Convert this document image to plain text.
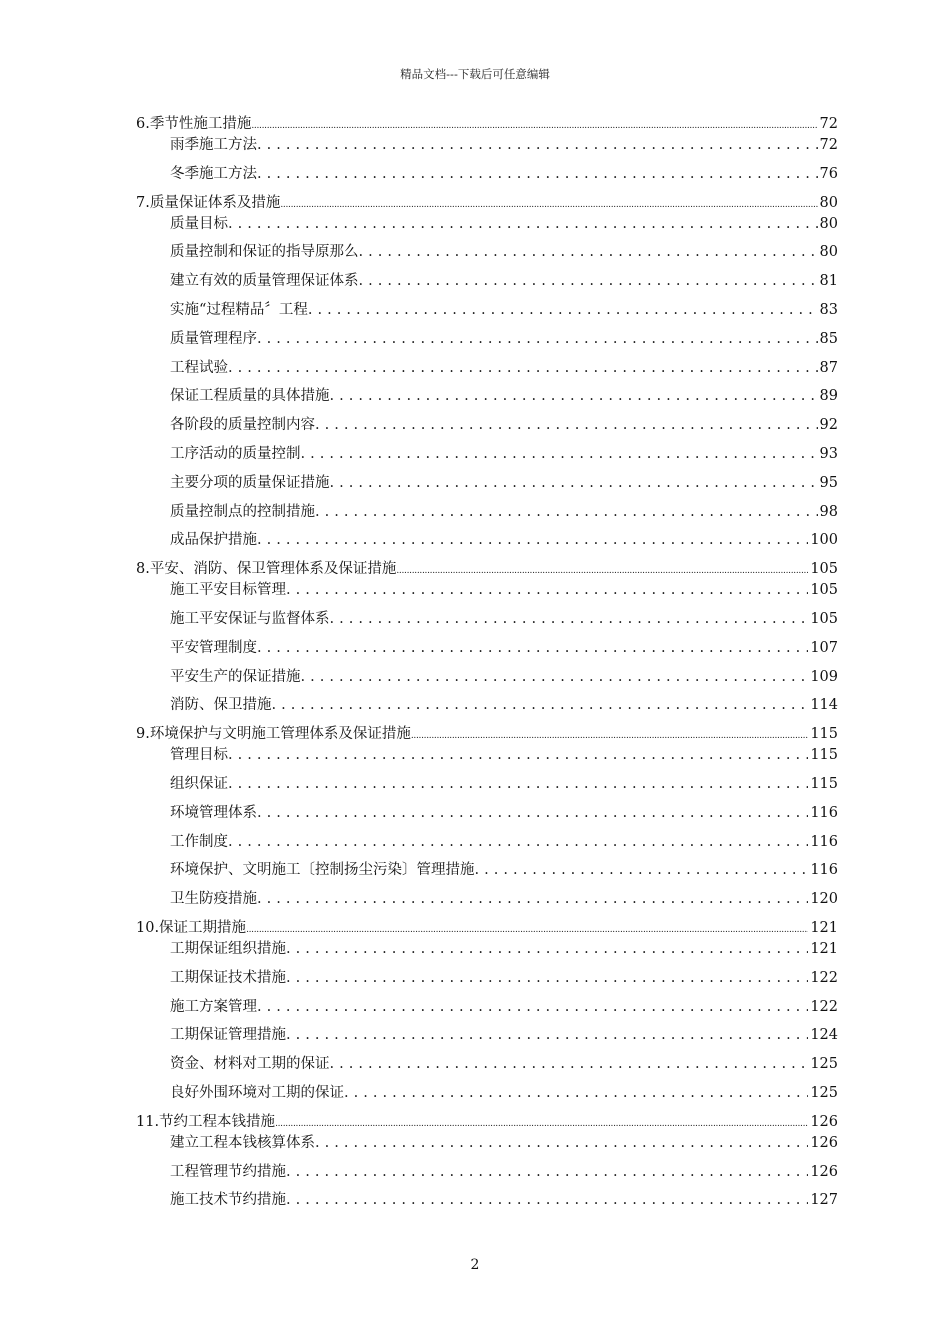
精品文档---下载后可任意编辑
6.季节性施工措施 .....	72
雨季施工方法 . . .	72
冬季施工方法 . . .	76
7.质量保证体系及措施 .....	80
质量目标 . . .	80
质量控制和保证的指导原那么 . . .	80
建立有效的质量管理保证体系 . . .	81
实施“过程精品〞工程 . . .	83
质量管理程序 . . .	85
工程试验 . . .	87
保证工程质量的具体措施 . . .	89
各阶段的质量控制内容 . . .	92
工序活动的质量控制 . . .	93
主要分项的质量保证措施 . . .	95
质量控制点的控制措施 . . .	98
成品保护措施 . . .	100
8.平安、消防、保卫管理体系及保证措施 .....	105
施工平安目标管理 . . .	105
施工平安保证与监督体系 . . .	105
平安管理制度 . . .	107
平安生产的保证措施 . . .	109
消防、保卫措施 . . .	114
9.环境保护与文明施工管理体系及保证措施 .....	115
管理目标 . . .	115
组织保证 . . .	115
环境管理体系 . . .	116
工作制度 . . .	116
环境保护、文明施工〔控制扬尘污染〕管理措施 . . .	116
卫生防疫措施 . . .	120
10.保证工期措施 .....	121
工期保证组织措施 . . .	121
工期保证技术措施 . . .	122
施工方案管理 . . .	122
工期保证管理措施 . . .	124
资金、材料对工期的保证 . . .	125
良好外围环境对工期的保证 . . .	125
11.节约工程本钱措施 .....	126
建立工程本钱核算体系 . . .	126
工程管理节约措施 . . .	126
施工技术节约措施 . . .	127
2
